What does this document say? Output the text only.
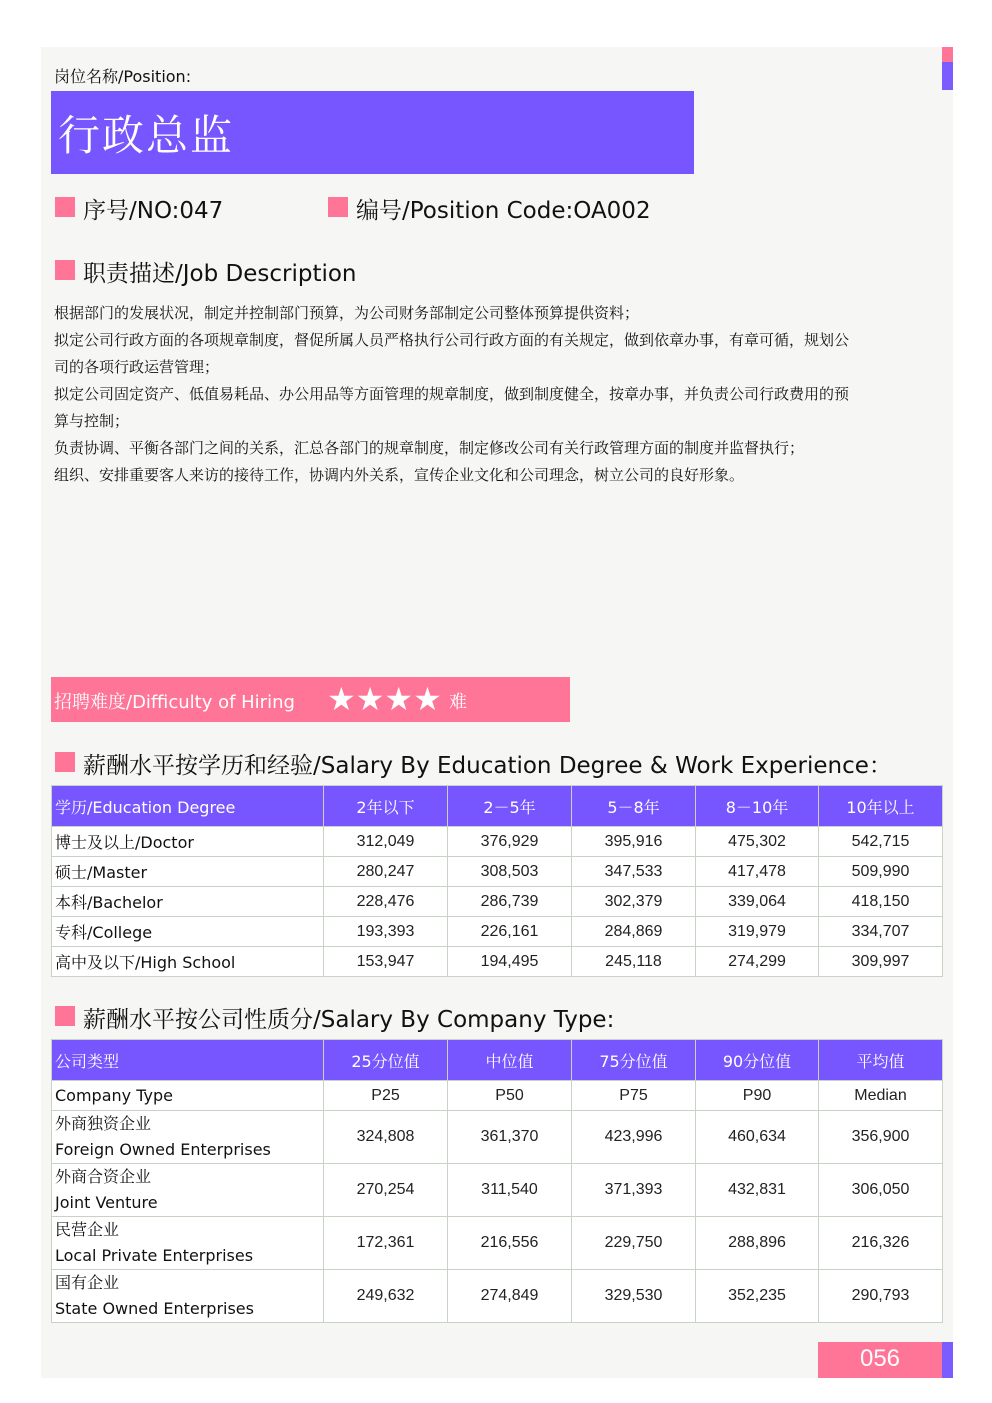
岗位名称/Position:
行政总监
序号/NO:047	编号/Position Code:OA002
职责描述/Job Description

根据部门的发展状况，制定并控制部门预算，为公司财务部制定公司整体预算提供资料；

拟定公司行政方面的各项规章制度，督促所属人员严格执行公司行政方面的有关规定，做到依章办事，有章可循，规划公

司的各项行政运营管理；

拟定公司固定资产、低值易耗品、办公用品等方面管理的规章制度，做到制度健全，按章办事，并负责公司行政费用的预

算与控制；

负责协调、平衡各部门之间的关系，汇总各部门的规章制度，制定修改公司有关行政管理方面的制度并监督执行；

组织、安排重要客人来访的接待工作，协调内外关系，宣传企业文化和公司理念，树立公司的良好形象。

招聘难度/Difficulty of Hiring ★★★★ 难
薪酬水平按学历和经验/Salary By Education Degree & Work Experience：
学历/Education Degree	2年以下	2－5年	5－8年	8－10年	10年以上
博士及以上/Doctor	312,049	376,929	395,916	475,302	542,715
硕士/Master	280,247	308,503	347,533	417,478	509,990
本科/Bachelor	228,476	286,739	302,379	339,064	418,150
专科/College	193,393	226,161	284,869	319,979	334,707
高中及以下/High School	153,947	194,495	245,118	274,299	309,997
薪酬水平按公司性质分/Salary By Company Type:
公司类型	25分位值	中位值	75分位值	90分位值	平均值
Company Type	P25	P50	P75	P90	Median

外商独资企业
Foreign Owned Enterprises	324,808	361,370	423,996	460,634	356,900

外商合资企业
Joint Venture	270,254	311,540	371,393	432,831	306,050

民营企业
Local Private Enterprises	172,361	216,556	229,750	288,896	216,326

国有企业
State Owned Enterprises	249,632	274,849	329,530	352,235	290,793
056
